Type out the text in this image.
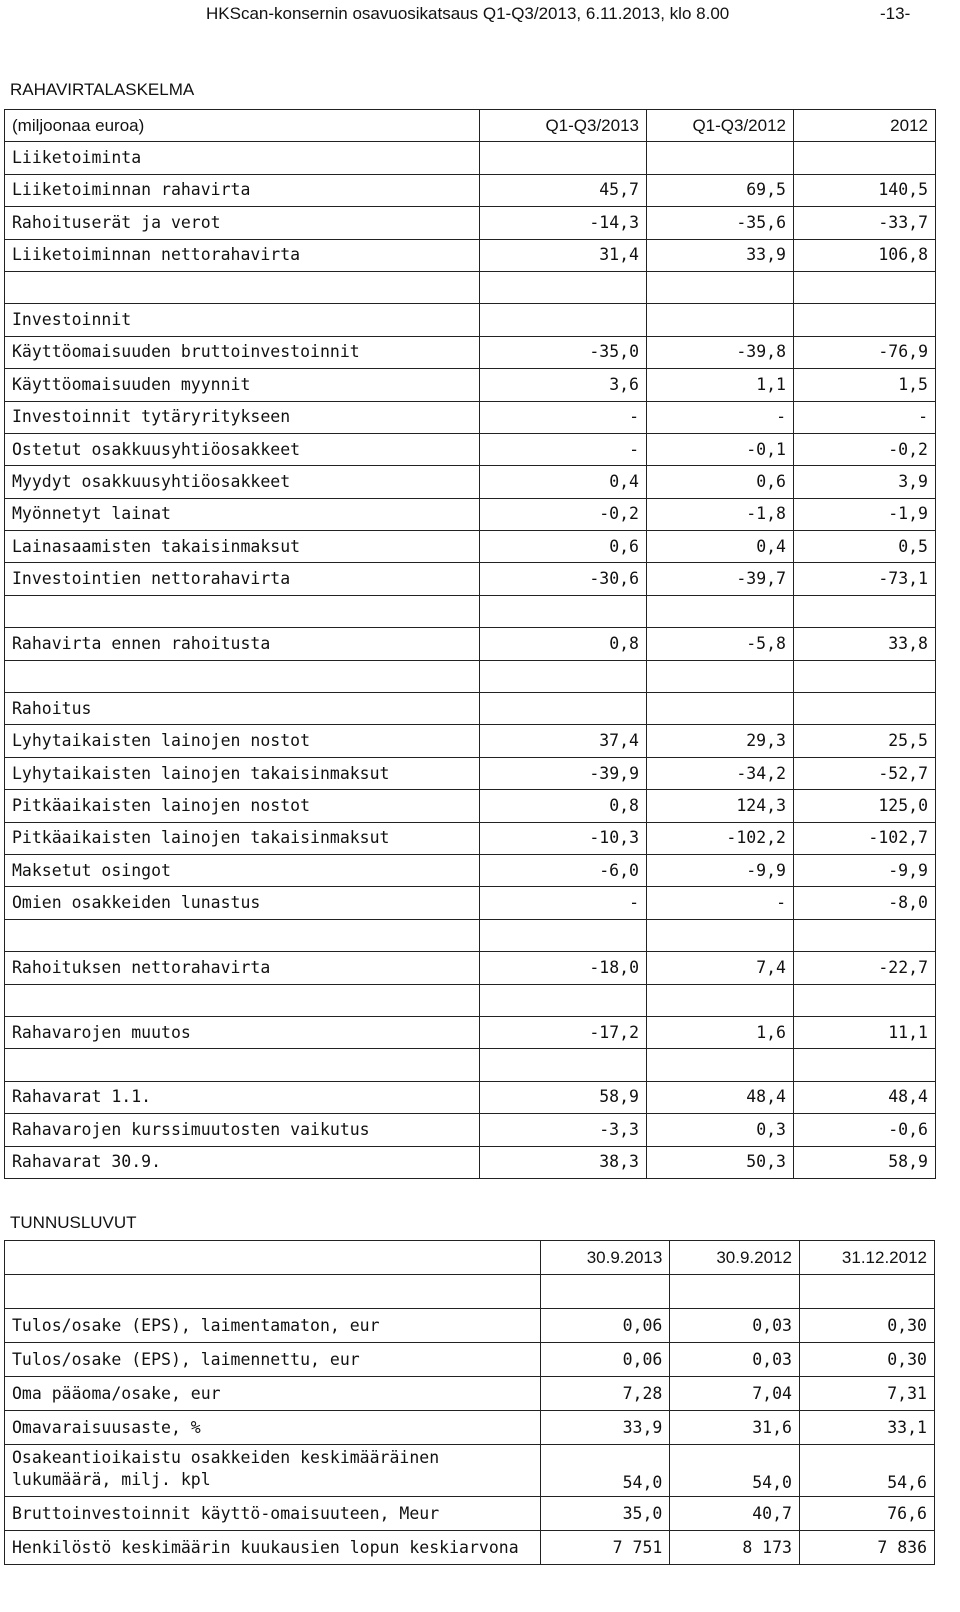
HKScan-konsernin osavuosikatsaus Q1-Q3/2013, 6.11.2013, klo 8.00	-13-
RAHAVIRTALASKELMA
(miljoonaa euroa)	Q1-Q3/2013	Q1-Q3/2012	2012
Liiketoiminta			
Liiketoiminnan rahavirta	45,7	69,5	140,5
Rahoituserät ja verot	-14,3	-35,6	-33,7
Liiketoiminnan nettorahavirta	31,4	33,9	106,8

Investoinnit			
Käyttöomaisuuden bruttoinvestoinnit	-35,0	-39,8	-76,9
Käyttöomaisuuden myynnit	3,6	1,1	1,5
Investoinnit tytäryritykseen	-	-	-
Ostetut osakkuusyhtiöosakkeet	-	-0,1	-0,2
Myydyt osakkuusyhtiöosakkeet	0,4	0,6	3,9
Myönnetyt lainat	-0,2	-1,8	-1,9
Lainasaamisten takaisinmaksut	0,6	0,4	0,5
Investointien nettorahavirta	-30,6	-39,7	-73,1

Rahavirta ennen rahoitusta	0,8	-5,8	33,8

Rahoitus			
Lyhytaikaisten lainojen nostot	37,4	29,3	25,5
Lyhytaikaisten lainojen takaisinmaksut	-39,9	-34,2	-52,7
Pitkäaikaisten lainojen nostot	0,8	124,3	125,0
Pitkäaikaisten lainojen takaisinmaksut	-10,3	-102,2	-102,7
Maksetut osingot	-6,0	-9,9	-9,9
Omien osakkeiden lunastus	-	-	-8,0

Rahoituksen nettorahavirta	-18,0	7,4	-22,7

Rahavarojen muutos	-17,2	1,6	11,1

Rahavarat 1.1.	58,9	48,4	48,4
Rahavarojen kurssimuutosten vaikutus	-3,3	0,3	-0,6
Rahavarat 30.9.	38,3	50,3	58,9
TUNNUSLUVUT
	30.9.2013	30.9.2012	31.12.2012

Tulos/osake (EPS), laimentamaton, eur	0,06	0,03	0,30
Tulos/osake (EPS), laimennettu, eur	0,06	0,03	0,30
Oma pääoma/osake, eur	7,28	7,04	7,31
Omavaraisuusaste, %	33,9	31,6	33,1

Osakeantioikaistu osakkeiden keskimääräinen lukumäärä, milj. kpl	54,0	54,0	54,6
Bruttoinvestoinnit käyttö-omaisuuteen, Meur	35,0	40,7	76,6
Henkilöstö keskimäärin kuukausien lopun keskiarvona	7 751	8 173	7 836
